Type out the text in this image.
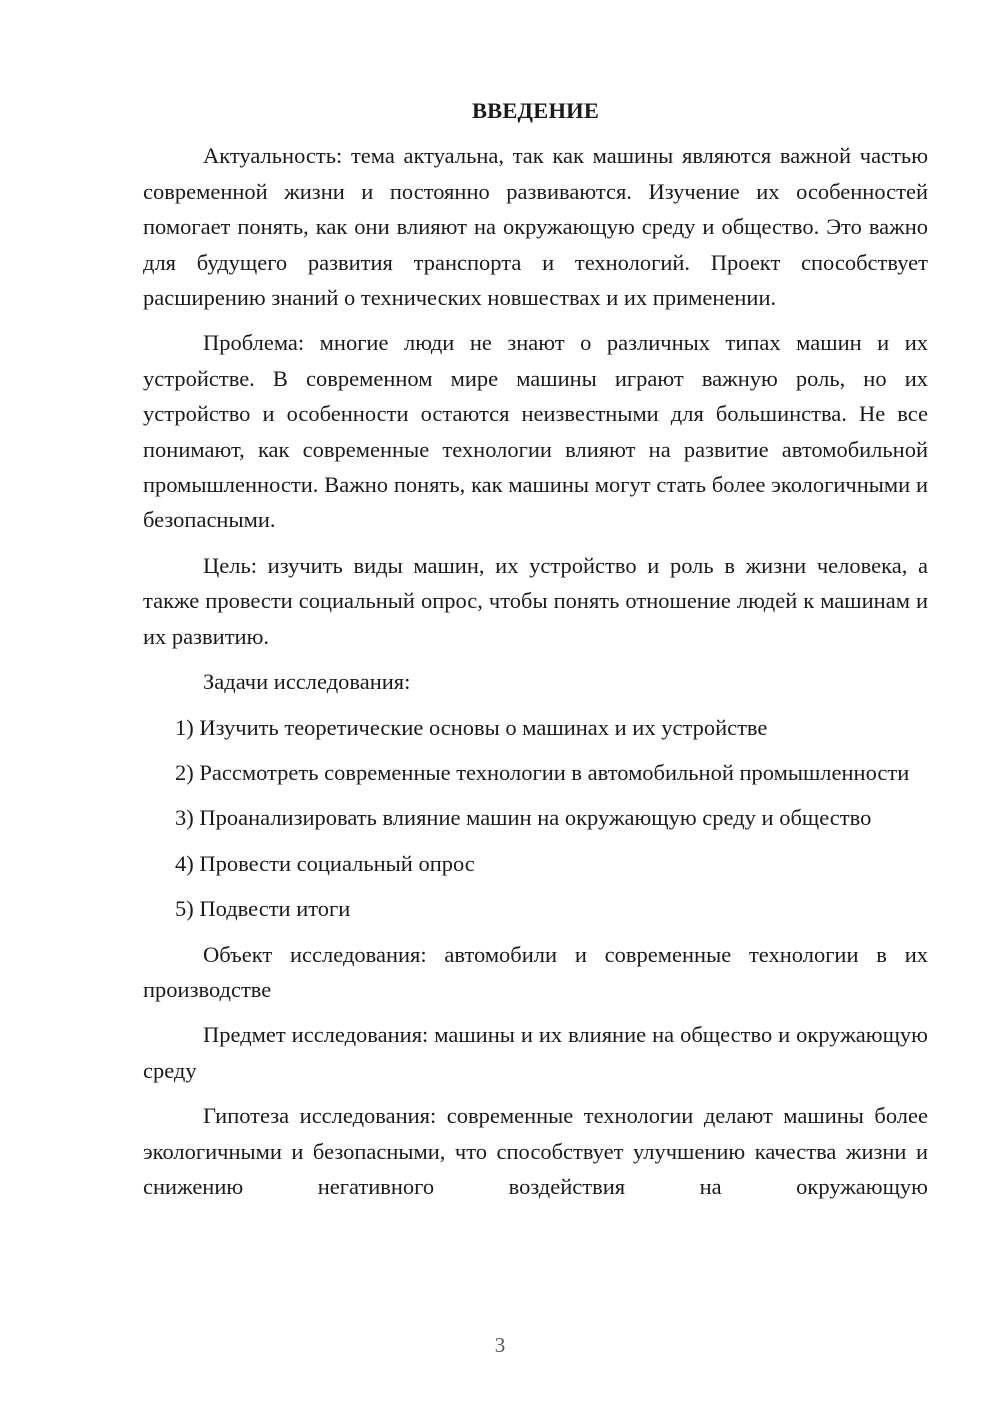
ВВЕДЕНИЕ

Актуальность: тема актуальна, так как машины являются важной частью современной жизни и постоянно развиваются. Изучение их особенностей помогает понять, как они влияют на окружающую среду и общество. Это важно для будущего развития транспорта и технологий. Проект способствует расширению знаний о технических новшествах и их применении.

Проблема: многие люди не знают о различных типах машин и их устройстве. В современном мире машины играют важную роль, но их устройство и особенности остаются неизвестными для большинства. Не все понимают, как современные технологии влияют на развитие автомобильной промышленности. Важно понять, как машины могут стать более экологичными и безопасными.

Цель: изучить виды машин, их устройство и роль в жизни человека, а также провести социальный опрос, чтобы понять отношение людей к машинам и их развитию.

Задачи исследования:

1) Изучить теоретические основы о машинах и их устройстве

2) Рассмотреть современные технологии в автомобильной промышленности

3) Проанализировать влияние машин на окружающую среду и общество

4) Провести социальный опрос

5) Подвести итоги

Объект исследования: автомобили и современные технологии в их производстве

Предмет исследования: машины и их влияние на общество и окружающую среду

Гипотеза исследования: современные технологии делают машины более экологичными и безопасными, что способствует улучшению качества жизни и снижению негативного воздействия на окружающую

3
